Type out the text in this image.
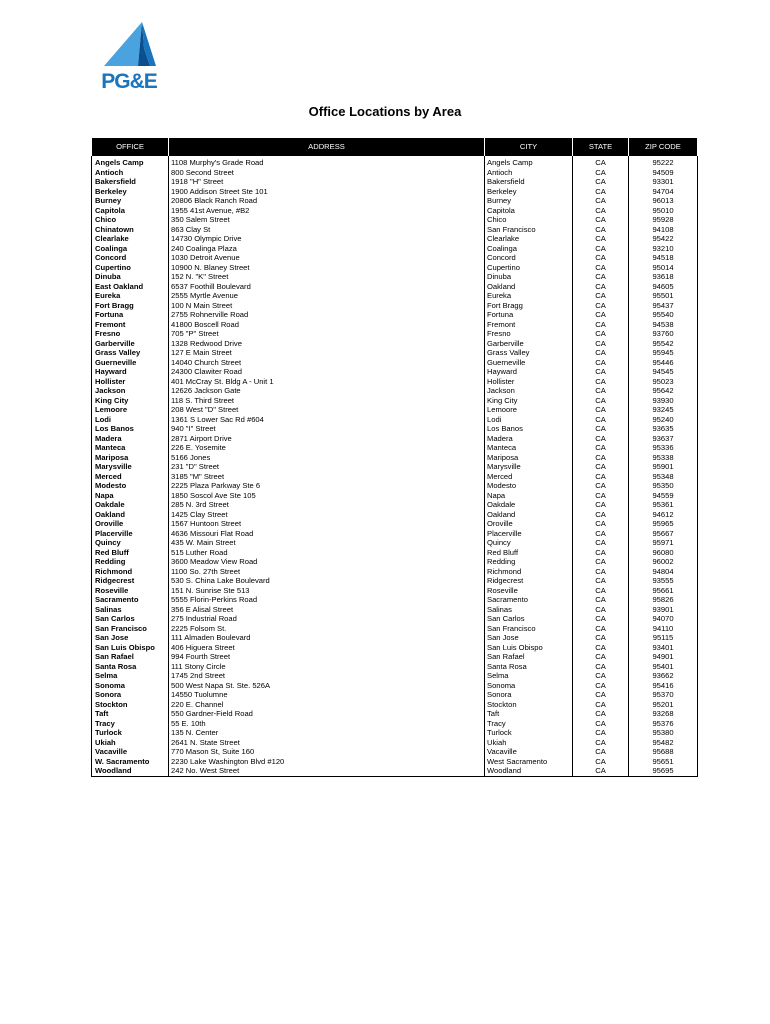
PG&E
Office Locations by Area
OFFICE	ADDRESS	CITY	STATE	ZIP CODE
Angels Camp	1108 Murphy's Grade Road	Angels Camp	CA	95222
Antioch	800 Second Street	Antioch	CA	94509
Bakersfield	1918 "H" Street	Bakersfield	CA	93301
Berkeley	1900 Addison Street Ste 101	Berkeley	CA	94704
Burney	20806 Black Ranch Road	Burney	CA	96013
Capitola	1955 41st Avenue, #B2	Capitola	CA	95010
Chico	350 Salem Street	Chico	CA	95928
Chinatown	863 Clay St	San Francisco	CA	94108
Clearlake	14730 Olympic Drive	Clearlake	CA	95422
Coalinga	240 Coalinga Plaza	Coalinga	CA	93210
Concord	1030 Detroit Avenue	Concord	CA	94518
Cupertino	10900 N. Blaney Street	Cupertino	CA	95014
Dinuba	152 N. "K" Street	Dinuba	CA	93618
East Oakland	6537 Foothill Boulevard	Oakland	CA	94605
Eureka	2555 Myrtle Avenue	Eureka	CA	95501
Fort Bragg	100 N Main Street	Fort Bragg	CA	95437
Fortuna	2755 Rohnerville Road	Fortuna	CA	95540
Fremont	41800 Boscell Road	Fremont	CA	94538
Fresno	705 "P" Street	Fresno	CA	93760
Garberville	1328 Redwood Drive	Garberville	CA	95542
Grass Valley	127 E Main Street	Grass Valley	CA	95945
Guerneville	14040 Church Street	Guerneville	CA	95446
Hayward	24300 Clawiter Road	Hayward	CA	94545
Hollister	401 McCray St. Bldg A - Unit 1	Hollister	CA	95023
Jackson	12626 Jackson Gate	Jackson	CA	95642
King City	118 S. Third Street	King City	CA	93930
Lemoore	208 West "D" Street	Lemoore	CA	93245
Lodi	1361 S Lower Sac Rd #604	Lodi	CA	95240
Los Banos	940 "I" Street	Los Banos	CA	93635
Madera	2871 Airport Drive	Madera	CA	93637
Manteca	226 E. Yosemite	Manteca	CA	95336
Mariposa	5166 Jones	Mariposa	CA	95338
Marysville	231 "D" Street	Marysville	CA	95901
Merced	3185 "M" Street	Merced	CA	95348
Modesto	2225 Plaza Parkway Ste 6	Modesto	CA	95350
Napa	1850 Soscol Ave Ste 105	Napa	CA	94559
Oakdale	285 N. 3rd Street	Oakdale	CA	95361
Oakland	1425 Clay Street	Oakland	CA	94612
Oroville	1567 Huntoon Street	Oroville	CA	95965
Placerville	4636 Missouri Flat Road	Placerville	CA	95667
Quincy	435 W. Main Street	Quincy	CA	95971
Red Bluff	515 Luther Road	Red Bluff	CA	96080
Redding	3600 Meadow View Road	Redding	CA	96002
Richmond	1100 So. 27th Street	Richmond	CA	94804
Ridgecrest	530 S. China Lake Boulevard	Ridgecrest	CA	93555
Roseville	151 N. Sunrise Ste 513	Roseville	CA	95661
Sacramento	5555 Florin-Perkins Road	Sacramento	CA	95826
Salinas	356 E Alisal Street	Salinas	CA	93901
San Carlos	275 Industrial Road	San Carlos	CA	94070
San Francisco	2225 Folsom St.	San Francisco	CA	94110
San Jose	111 Almaden Boulevard	San Jose	CA	95115
San Luis Obispo	406 Higuera Street	San Luis Obispo	CA	93401
San Rafael	994 Fourth Street	San Rafael	CA	94901
Santa Rosa	111 Stony Circle	Santa Rosa	CA	95401
Selma	1745 2nd Street	Selma	CA	93662
Sonoma	500 West Napa St. Ste. 526A	Sonoma	CA	95416
Sonora	14550 Tuolumne	Sonora	CA	95370
Stockton	220 E. Channel	Stockton	CA	95201
Taft	550 Gardner-Field Road	Taft	CA	93268
Tracy	55 E. 10th	Tracy	CA	95376
Turlock	135 N. Center	Turlock	CA	95380
Ukiah	2641 N. State Street	Ukiah	CA	95482
Vacaville	770 Mason St, Suite 160	Vacaville	CA	95688
W. Sacramento	2230 Lake Washington Blvd #120	West Sacramento	CA	95651
Woodland	242 No. West Street	Woodland	CA	95695
